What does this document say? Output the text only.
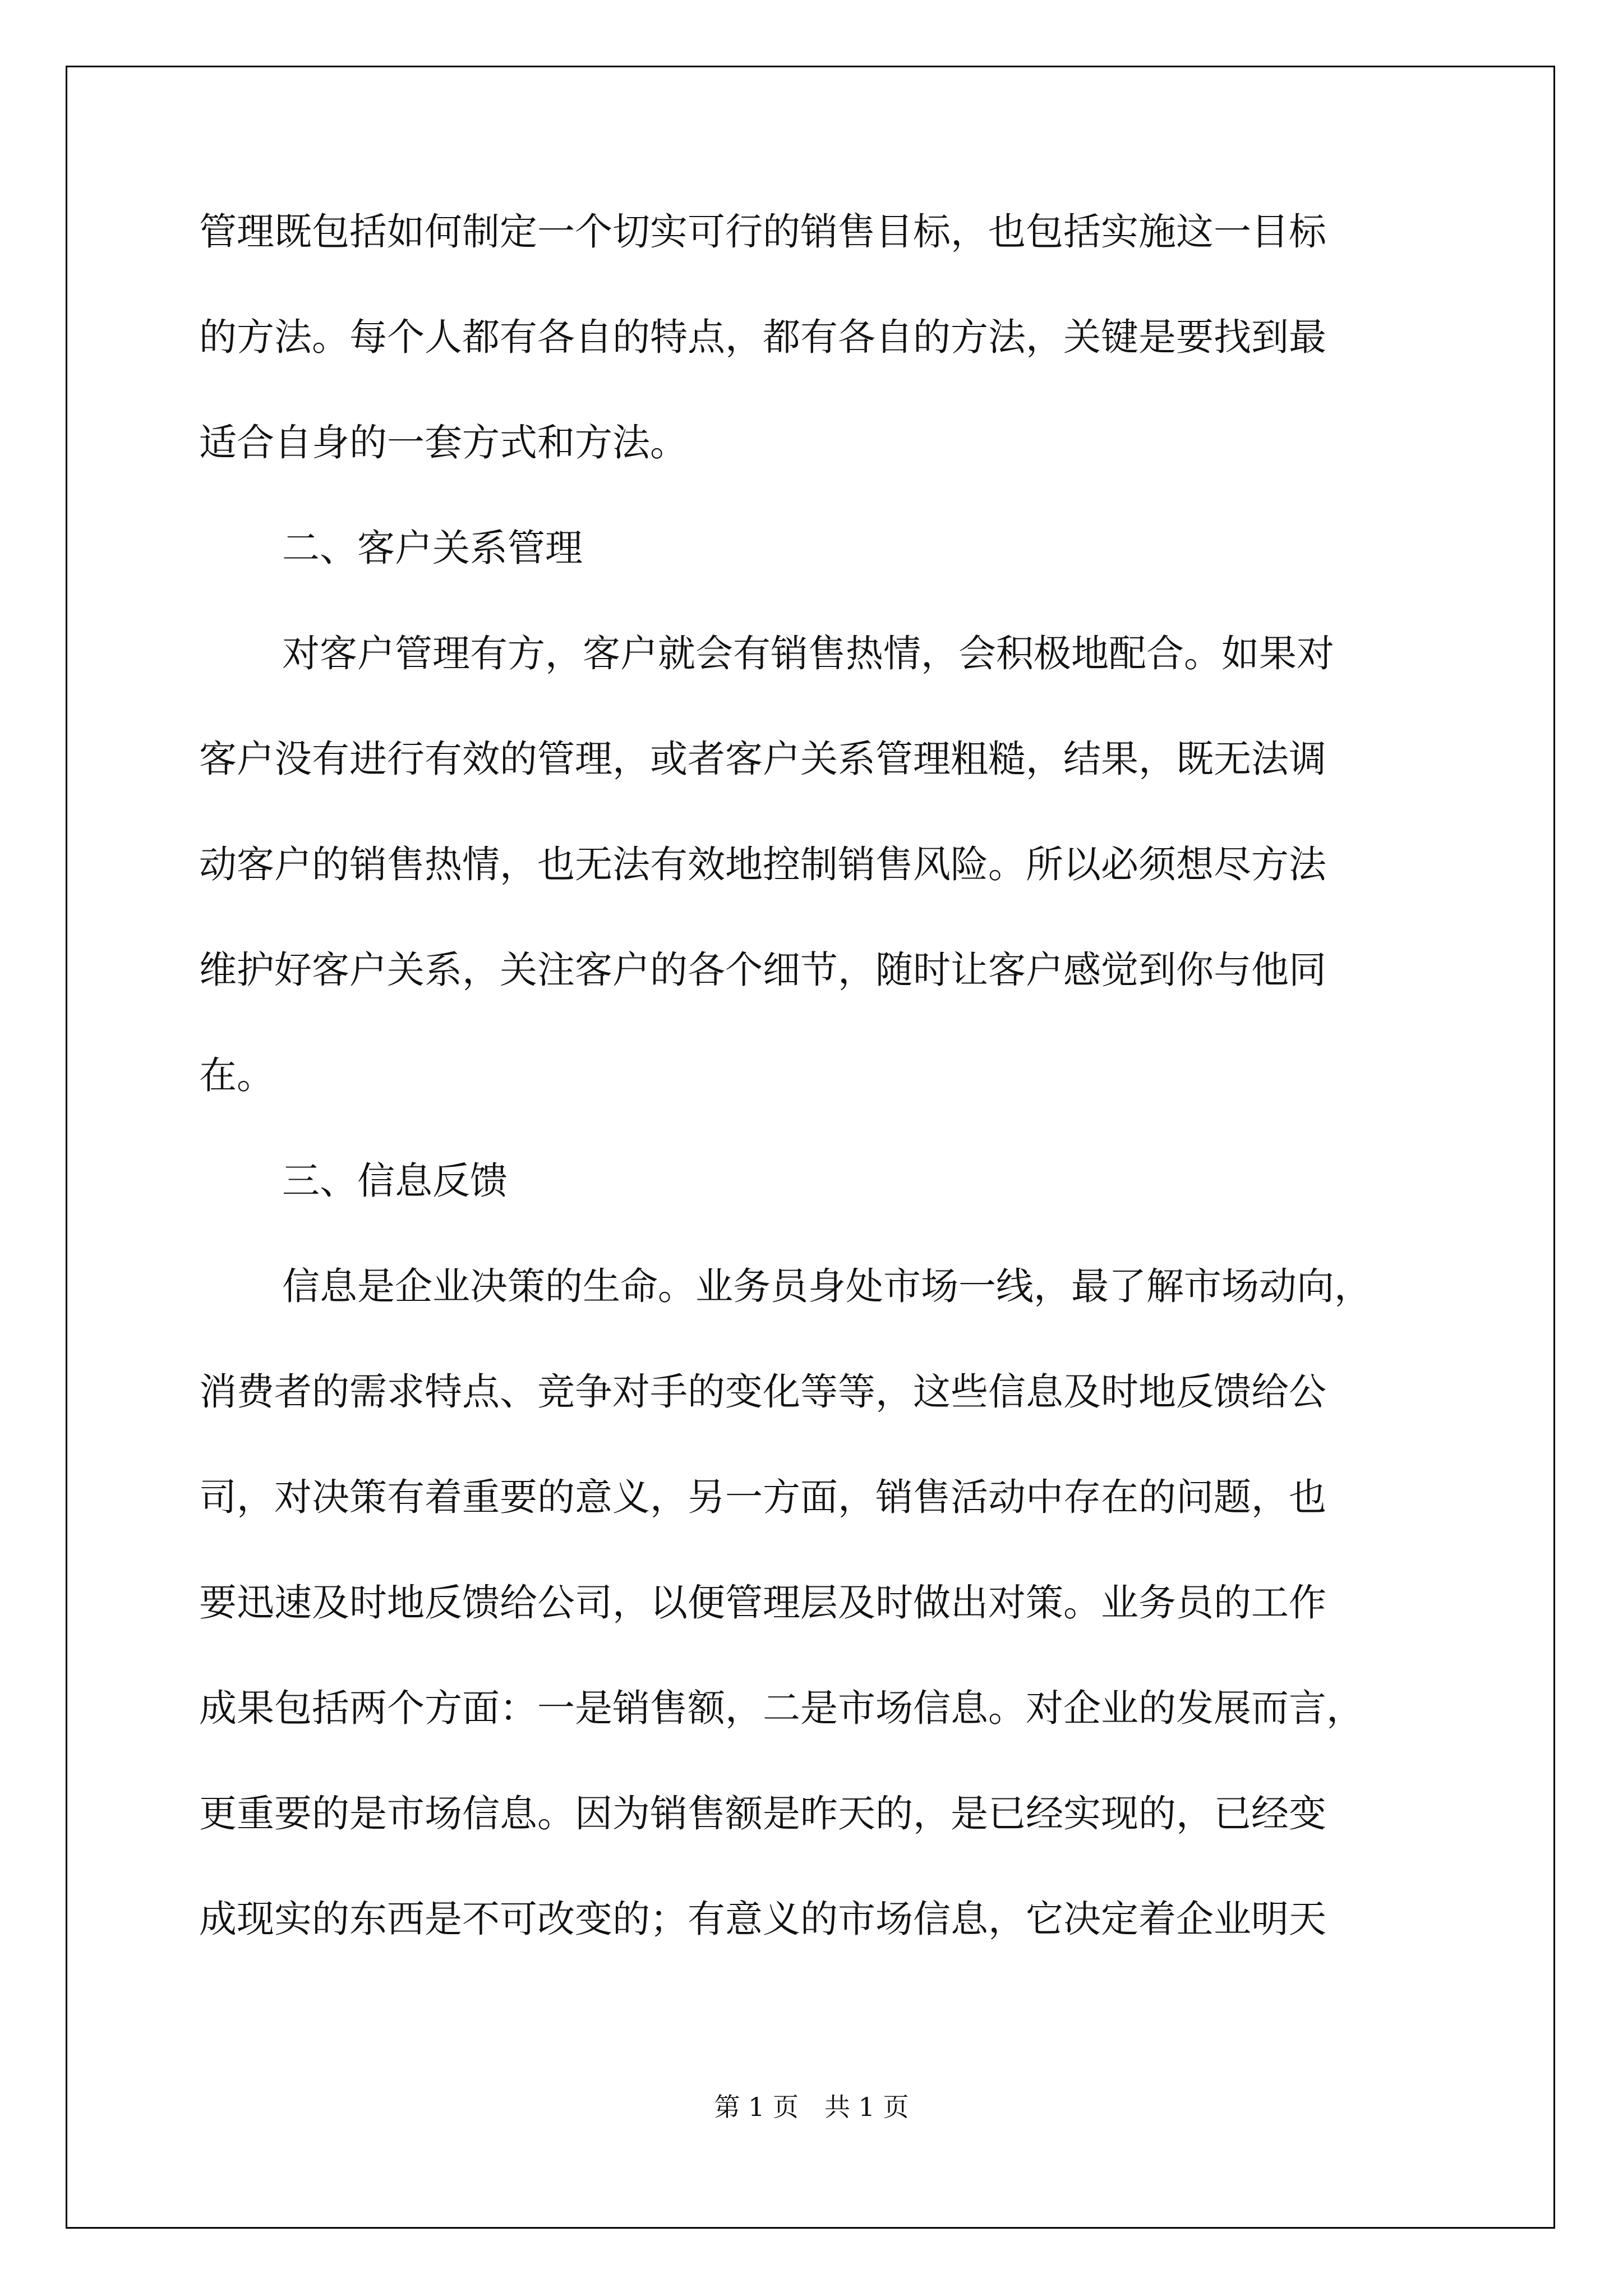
管理既包括如何制定一个切实可行的销售目标，也包括实施这一目标
的方法。每个人都有各自的特点，都有各自的方法，关键是要找到最
适合自身的一套方式和方法。
二、客户关系管理
对客户管理有方，客户就会有销售热情，会积极地配合。如果对
客户没有进行有效的管理，或者客户关系管理粗糙，结果，既无法调
动客户的销售热情，也无法有效地控制销售风险。所以必须想尽方法
维护好客户关系，关注客户的各个细节，随时让客户感觉到你与他同
在。
三、信息反馈
信息是企业决策的生命。业务员身处市场一线，最了解市场动向，
消费者的需求特点、竞争对手的变化等等，这些信息及时地反馈给公
司，对决策有着重要的意义，另一方面，销售活动中存在的问题，也
要迅速及时地反馈给公司，以便管理层及时做出对策。业务员的工作
成果包括两个方面：一是销售额，二是市场信息。对企业的发展而言，
更重要的是市场信息。因为销售额是昨天的，是已经实现的，已经变
成现实的东西是不可改变的；有意义的市场信息，它决定着企业明天
第 1 页　共 1 页
